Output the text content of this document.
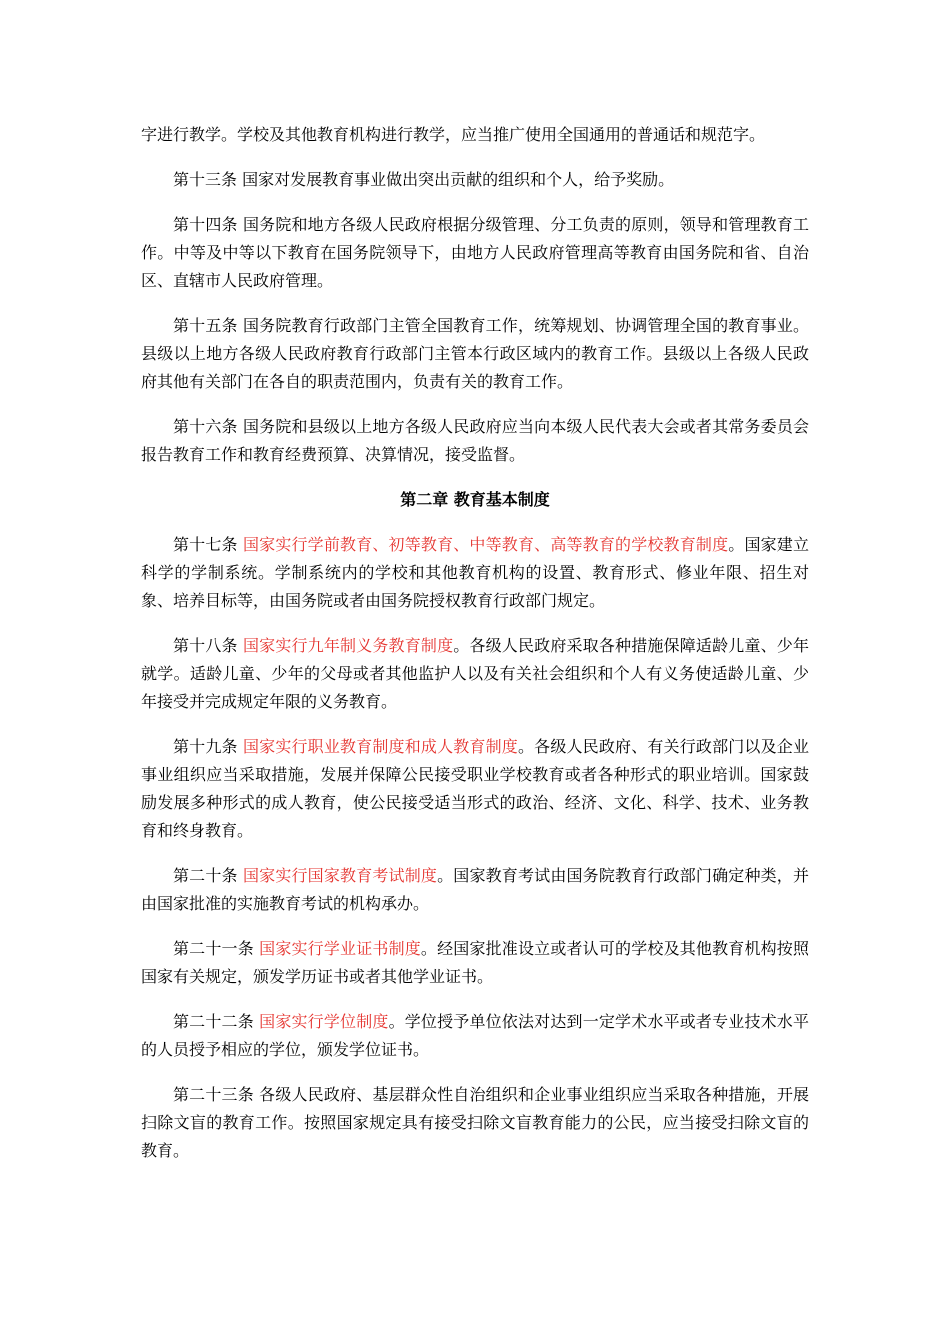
字进行教学。学校及其他教育机构进行教学，应当推广使用全国通用的普通话和规范字。

第十三条 国家对发展教育事业做出突出贡献的组织和个人，给予奖励。

第十四条 国务院和地方各级人民政府根据分级管理、分工负责的原则，领导和管理教育工作。中等及中等以下教育在国务院领导下，由地方人民政府管理高等教育由国务院和省、自治区、直辖市人民政府管理。

第十五条 国务院教育行政部门主管全国教育工作，统筹规划、协调管理全国的教育事业。县级以上地方各级人民政府教育行政部门主管本行政区域内的教育工作。县级以上各级人民政府其他有关部门在各自的职责范围内，负责有关的教育工作。

第十六条 国务院和县级以上地方各级人民政府应当向本级人民代表大会或者其常务委员会报告教育工作和教育经费预算、决算情况，接受监督。

第二章 教育基本制度

第十七条 国家实行学前教育、初等教育、中等教育、高等教育的学校教育制度。国家建立科学的学制系统。学制系统内的学校和其他教育机构的设置、教育形式、修业年限、招生对象、培养目标等，由国务院或者由国务院授权教育行政部门规定。

第十八条 国家实行九年制义务教育制度。各级人民政府采取各种措施保障适龄儿童、少年就学。适龄儿童、少年的父母或者其他监护人以及有关社会组织和个人有义务使适龄儿童、少年接受并完成规定年限的义务教育。

第十九条 国家实行职业教育制度和成人教育制度。各级人民政府、有关行政部门以及企业事业组织应当采取措施，发展并保障公民接受职业学校教育或者各种形式的职业培训。国家鼓励发展多种形式的成人教育，使公民接受适当形式的政治、经济、文化、科学、技术、业务教育和终身教育。

第二十条 国家实行国家教育考试制度。国家教育考试由国务院教育行政部门确定种类，并由国家批准的实施教育考试的机构承办。

第二十一条 国家实行学业证书制度。经国家批准设立或者认可的学校及其他教育机构按照国家有关规定，颁发学历证书或者其他学业证书。

第二十二条 国家实行学位制度。学位授予单位依法对达到一定学术水平或者专业技术水平的人员授予相应的学位，颁发学位证书。

第二十三条 各级人民政府、基层群众性自治组织和企业事业组织应当采取各种措施，开展扫除文盲的教育工作。按照国家规定具有接受扫除文盲教育能力的公民，应当接受扫除文盲的教育。
